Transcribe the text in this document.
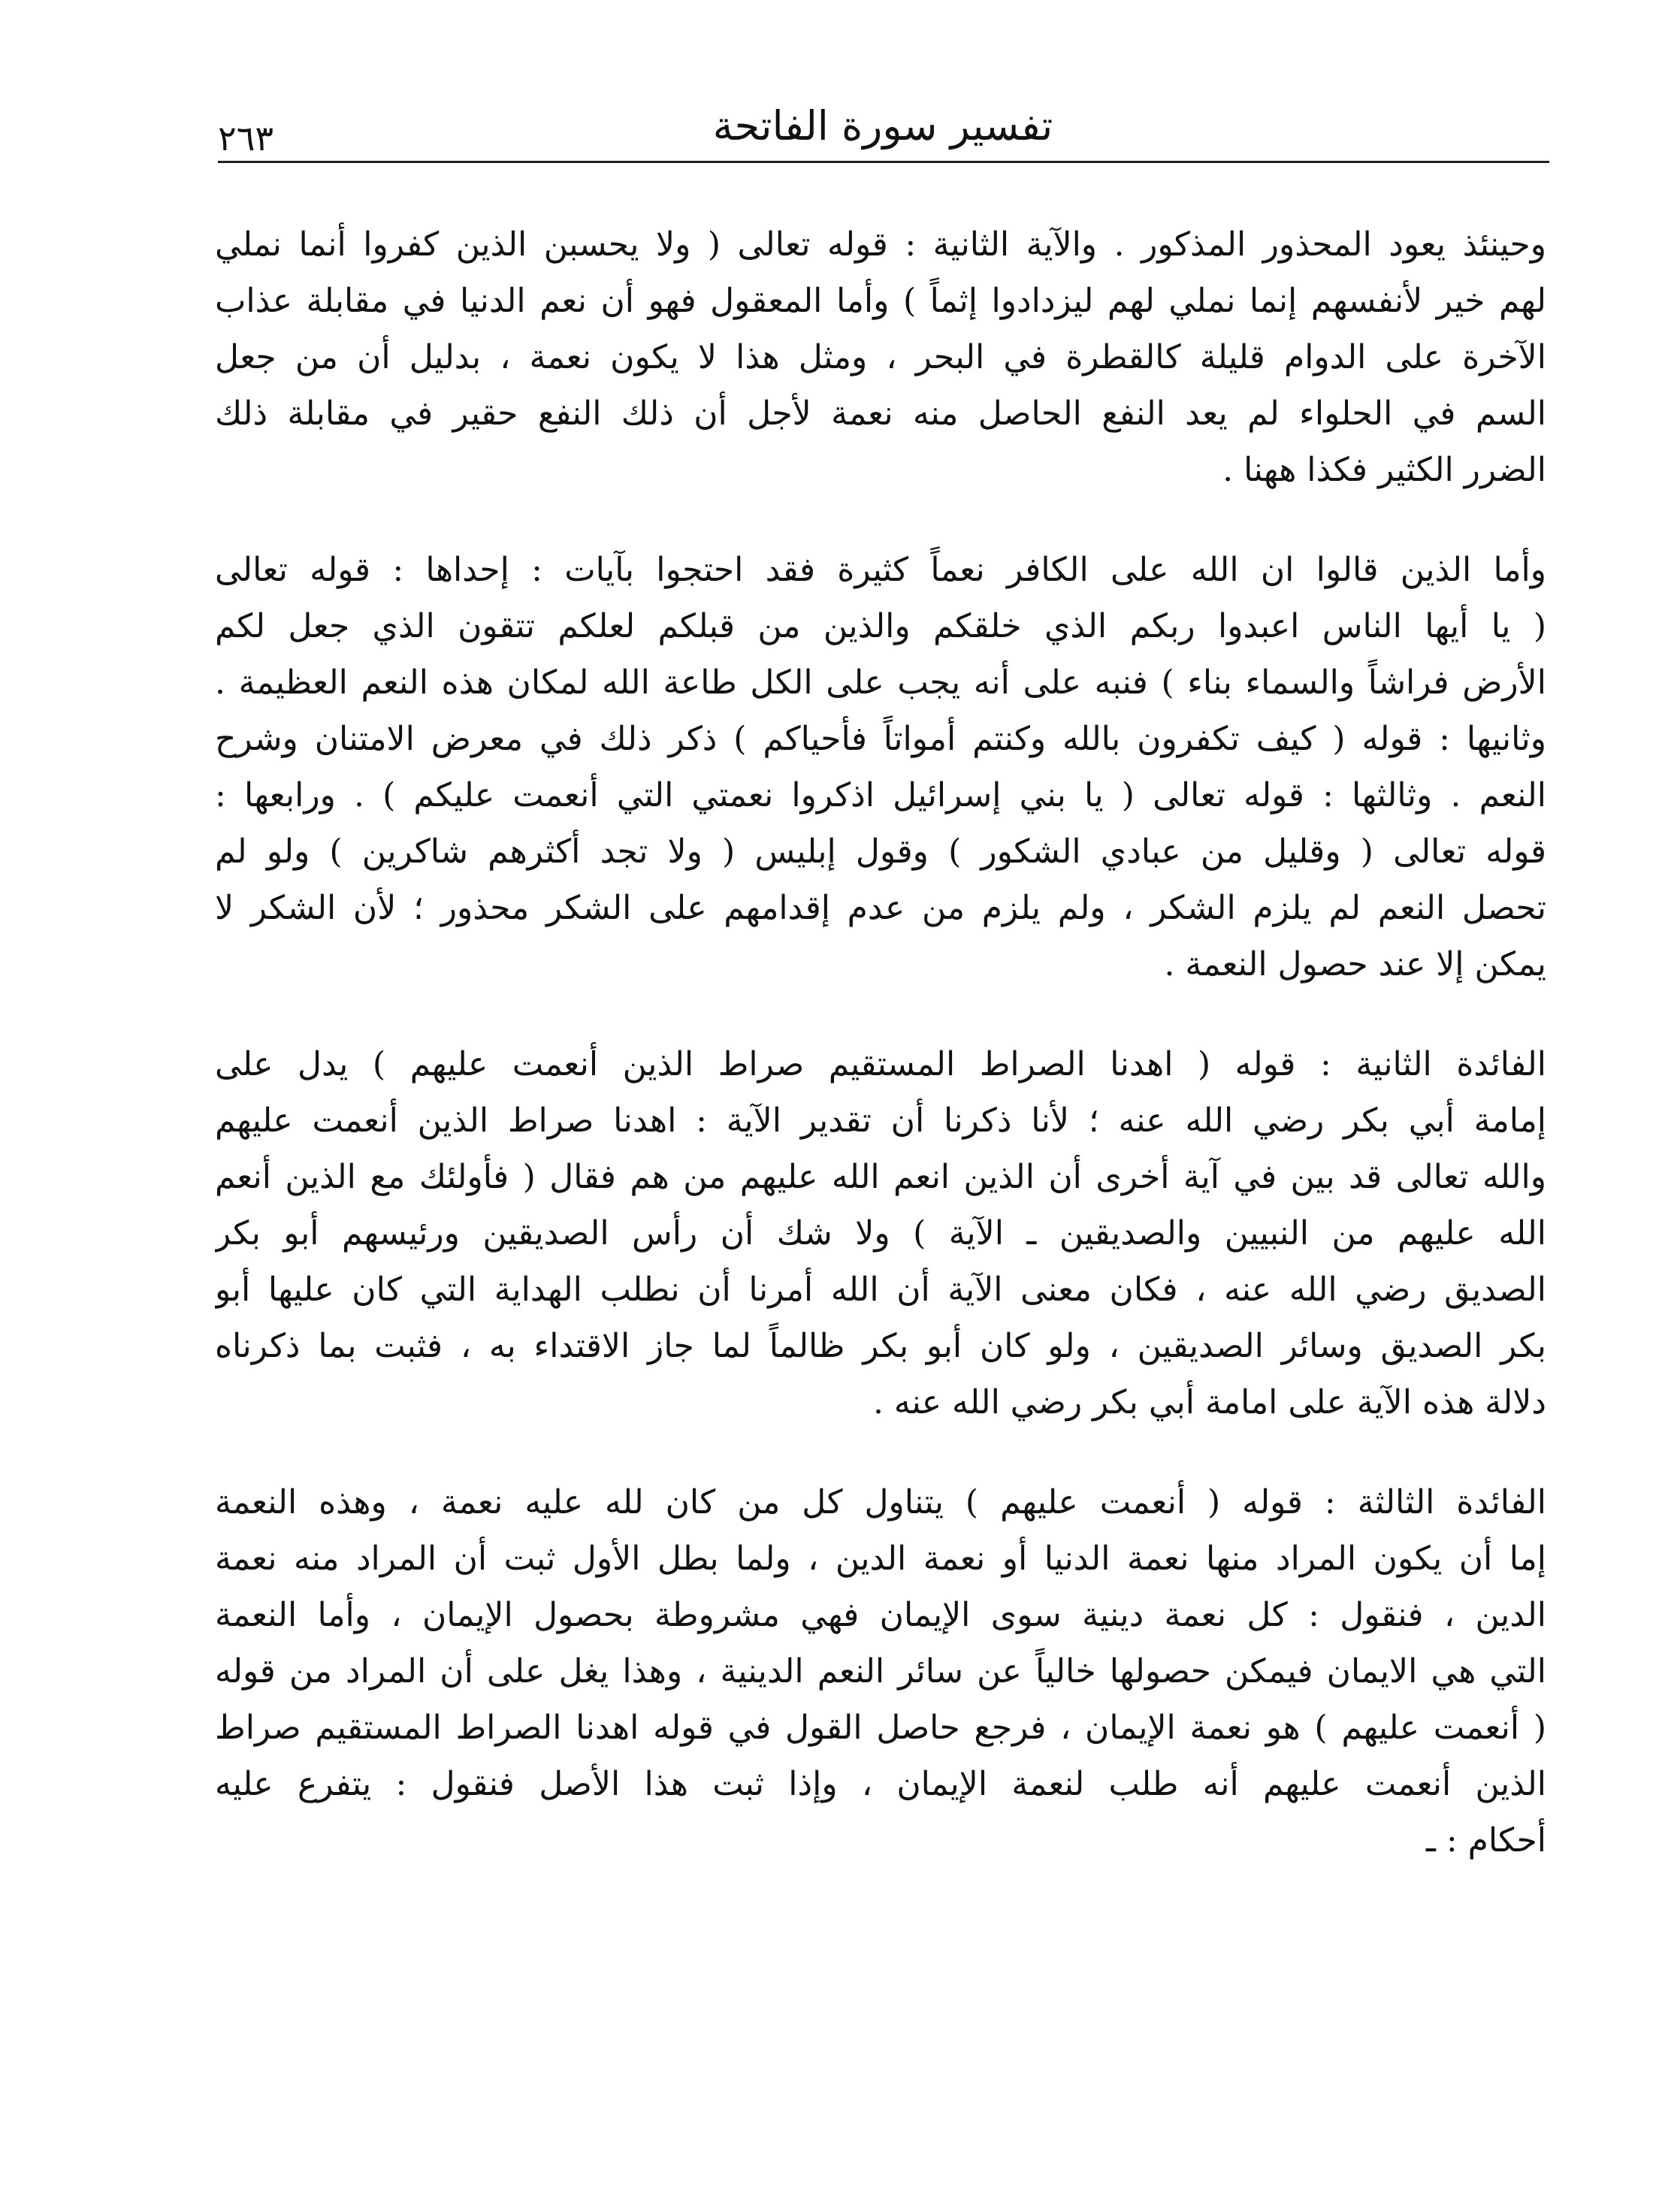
تفسير سورة الفاتحة
٢٦٣
وحينئذ يعود المحذور المذكور . والآية الثانية : قوله تعالى ( ولا يحسبن الذين كفروا أنما نملي
لهم خير لأنفسهم إنما نملي لهم ليزدادوا إثماً ) وأما المعقول فهو أن نعم الدنيا في مقابلة عذاب
الآخرة على الدوام قليلة كالقطرة في البحر ، ومثل هذا لا يكون نعمة ، بدليل أن من جعل
السم في الحلواء لم يعد النفع الحاصل منه نعمة لأجل أن ذلك النفع حقير في مقابلة ذلك
الضرر الكثير فكذا ههنا .
وأما الذين قالوا ان الله على الكافر نعماً كثيرة فقد احتجوا بآيات : إحداها : قوله تعالى
( يا أيها الناس اعبدوا ربكم الذي خلقكم والذين من قبلكم لعلكم تتقون الذي جعل لكم
الأرض فراشاً والسماء بناء ) فنبه على أنه يجب على الكل طاعة الله لمكان هذه النعم العظيمة .
وثانيها : قوله ( كيف تكفرون بالله وكنتم أمواتاً فأحياكم ) ذكر ذلك في معرض الامتنان وشرح
النعم . وثالثها : قوله تعالى ( يا بني إسرائيل اذكروا نعمتي التي أنعمت عليكم ) . ورابعها :
قوله تعالى ( وقليل من عبادي الشكور ) وقول إبليس ( ولا تجد أكثرهم شاكرين ) ولو لم
تحصل النعم لم يلزم الشكر ، ولم يلزم من عدم إقدامهم على الشكر محذور ؛ لأن الشكر لا
يمكن إلا عند حصول النعمة .
الفائدة الثانية : قوله ( اهدنا الصراط المستقيم صراط الذين أنعمت عليهم ) يدل على
إمامة أبي بكر رضي الله عنه ؛ لأنا ذكرنا أن تقدير الآية : اهدنا صراط الذين أنعمت عليهم
والله تعالى قد بين في آية أخرى أن الذين انعم الله عليهم من هم فقال ( فأولئك مع الذين أنعم
الله عليهم من النبيين والصديقين ـ الآية ) ولا شك أن رأس الصديقين ورئيسهم أبو بكر
الصديق رضي الله عنه ، فكان معنى الآية أن الله أمرنا أن نطلب الهداية التي كان عليها أبو
بكر الصديق وسائر الصديقين ، ولو كان أبو بكر ظالماً لما جاز الاقتداء به ، فثبت بما ذكرناه
دلالة هذه الآية على امامة أبي بكر رضي الله عنه .
الفائدة الثالثة : قوله ( أنعمت عليهم ) يتناول كل من كان لله عليه نعمة ، وهذه النعمة
إما أن يكون المراد منها نعمة الدنيا أو نعمة الدين ، ولما بطل الأول ثبت أن المراد منه نعمة
الدين ، فنقول : كل نعمة دينية سوى الإيمان فهي مشروطة بحصول الإيمان ، وأما النعمة
التي هي الايمان فيمكن حصولها خالياً عن سائر النعم الدينية ، وهذا يغل على أن المراد من قوله
( أنعمت عليهم ) هو نعمة الإيمان ، فرجع حاصل القول في قوله اهدنا الصراط المستقيم صراط
الذين أنعمت عليهم أنه طلب لنعمة الإيمان ، وإذا ثبت هذا الأصل فنقول : يتفرع عليه
أحكام : ـ
